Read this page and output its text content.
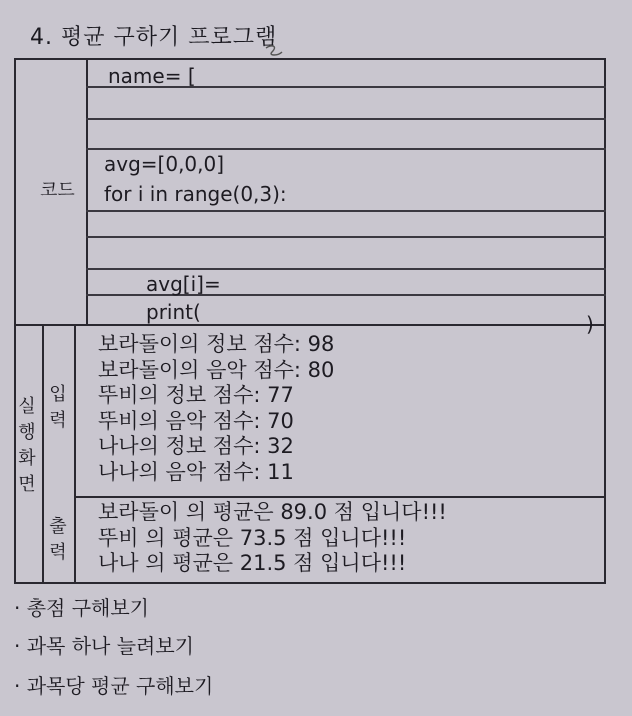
4. 평균 구하기 프로그램
코드
name= [
avg=[0,0,0]
for i in range(0,3):
avg[i]=
print(	)
실
행
화
면
입
력
출
력
보라돌이의 정보 점수: 98
보라돌이의 음악 점수: 80
뚜비의 정보 점수: 77
뚜비의 음악 점수: 70
나나의 정보 점수: 32
나나의 음악 점수: 11
보라돌이 의 평균은 89.0 점 입니다!!!
뚜비 의 평균은 73.5 점 입니다!!!
나나 의 평균은 21.5 점 입니다!!!
· 총점 구해보기
· 과목 하나 늘려보기
· 과목당 평균 구해보기
